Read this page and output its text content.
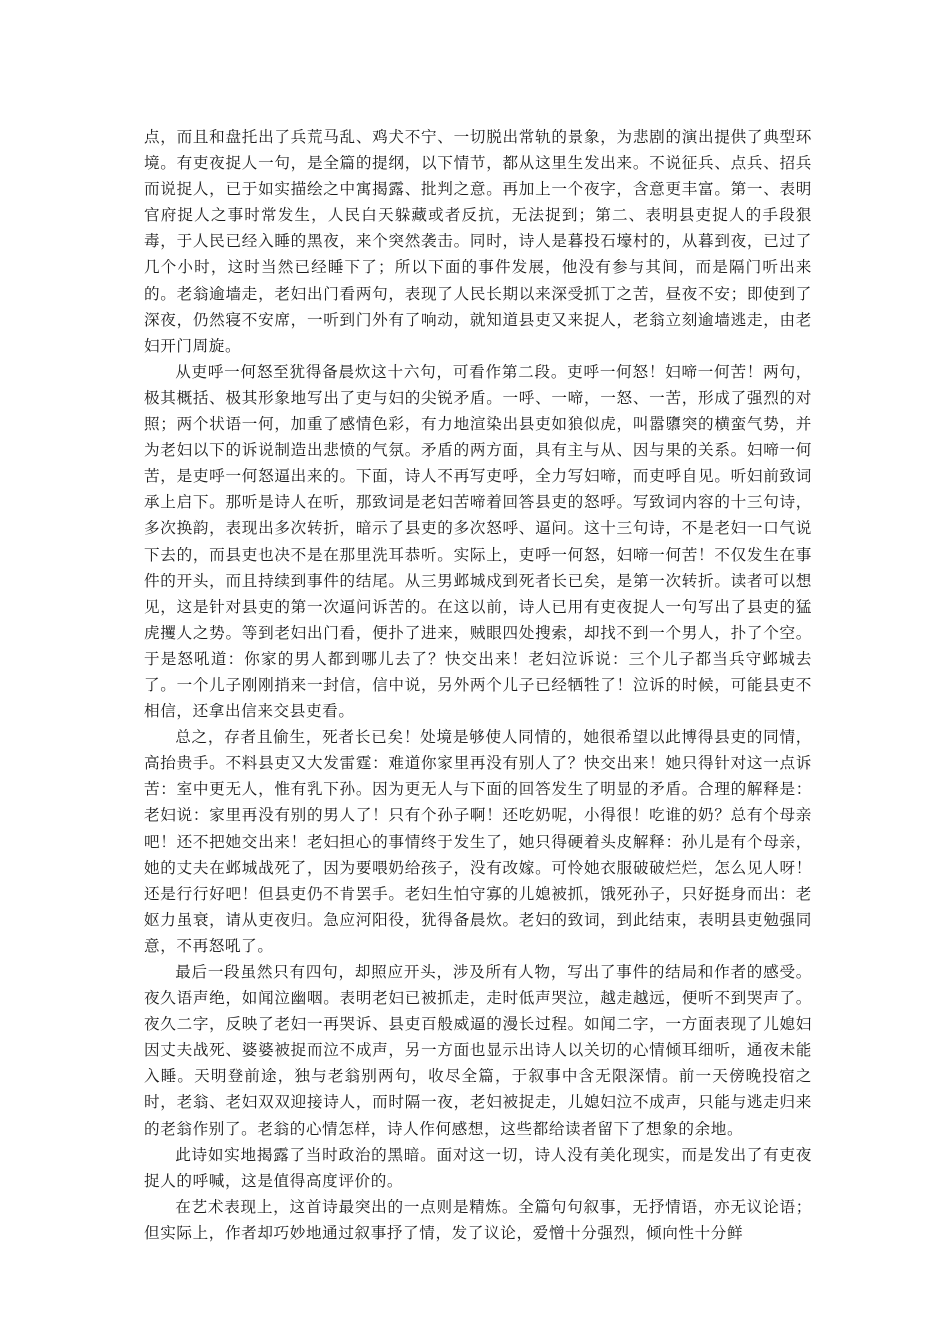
点，而且和盘托出了兵荒马乱、鸡犬不宁、一切脱出常轨的景象，为悲剧的演出提供了典型环境。有吏夜捉人一句，是全篇的提纲，以下情节，都从这里生发出来。不说征兵、点兵、招兵而说捉人，已于如实描绘之中寓揭露、批判之意。再加上一个夜字，含意更丰富。第一、表明官府捉人之事时常发生，人民白天躲藏或者反抗，无法捉到；第二、表明县吏捉人的手段狠毒，于人民已经入睡的黑夜，来个突然袭击。同时，诗人是暮投石壕村的，从暮到夜，已过了几个小时，这时当然已经睡下了；所以下面的事件发展，他没有参与其间，而是隔门听出来的。老翁逾墙走，老妇出门看两句，表现了人民长期以来深受抓丁之苦，昼夜不安；即使到了深夜，仍然寝不安席，一听到门外有了响动，就知道县吏又来捉人，老翁立刻逾墙逃走，由老妇开门周旋。

从吏呼一何怒至犹得备晨炊这十六句，可看作第二段。吏呼一何怒！妇啼一何苦！两句，极其概括、极其形象地写出了吏与妇的尖锐矛盾。一呼、一啼，一怒、一苦，形成了强烈的对照；两个状语一何，加重了感情色彩，有力地渲染出县吏如狼似虎，叫嚣隳突的横蛮气势，并为老妇以下的诉说制造出悲愤的气氛。矛盾的两方面，具有主与从、因与果的关系。妇啼一何苦，是吏呼一何怒逼出来的。下面，诗人不再写吏呼，全力写妇啼，而吏呼自见。听妇前致词承上启下。那听是诗人在听，那致词是老妇苦啼着回答县吏的怒呼。写致词内容的十三句诗，多次换韵，表现出多次转折，暗示了县吏的多次怒呼、逼问。这十三句诗，不是老妇一口气说下去的，而县吏也决不是在那里洗耳恭听。实际上，吏呼一何怒，妇啼一何苦！不仅发生在事件的开头，而且持续到事件的结尾。从三男邺城戍到死者长已矣，是第一次转折。读者可以想见，这是针对县吏的第一次逼问诉苦的。在这以前，诗人已用有吏夜捉人一句写出了县吏的猛虎攫人之势。等到老妇出门看，便扑了进来，贼眼四处搜索，却找不到一个男人，扑了个空。于是怒吼道：你家的男人都到哪儿去了？快交出来！老妇泣诉说：三个儿子都当兵守邺城去了。一个儿子刚刚捎来一封信，信中说，另外两个儿子已经牺牲了！泣诉的时候，可能县吏不相信，还拿出信来交县吏看。

总之，存者且偷生，死者长已矣！处境是够使人同情的，她很希望以此博得县吏的同情，高抬贵手。不料县吏又大发雷霆：难道你家里再没有别人了？快交出来！她只得针对这一点诉苦：室中更无人，惟有乳下孙。因为更无人与下面的回答发生了明显的矛盾。合理的解释是：老妇说：家里再没有别的男人了！只有个孙子啊！还吃奶呢，小得很！吃谁的奶？总有个母亲吧！还不把她交出来！老妇担心的事情终于发生了，她只得硬着头皮解释：孙儿是有个母亲，她的丈夫在邺城战死了，因为要喂奶给孩子，没有改嫁。可怜她衣服破破烂烂，怎么见人呀！还是行行好吧！但县吏仍不肯罢手。老妇生怕守寡的儿媳被抓，饿死孙子，只好挺身而出：老妪力虽衰，请从吏夜归。急应河阳役，犹得备晨炊。老妇的致词，到此结束，表明县吏勉强同意，不再怒吼了。

最后一段虽然只有四句，却照应开头，涉及所有人物，写出了事件的结局和作者的感受。夜久语声绝，如闻泣幽咽。表明老妇已被抓走，走时低声哭泣，越走越远，便听不到哭声了。夜久二字，反映了老妇一再哭诉、县吏百般威逼的漫长过程。如闻二字，一方面表现了儿媳妇因丈夫战死、婆婆被捉而泣不成声，另一方面也显示出诗人以关切的心情倾耳细听，通夜未能入睡。天明登前途，独与老翁别两句，收尽全篇，于叙事中含无限深情。前一天傍晚投宿之时，老翁、老妇双双迎接诗人，而时隔一夜，老妇被捉走，儿媳妇泣不成声，只能与逃走归来的老翁作别了。老翁的心情怎样，诗人作何感想，这些都给读者留下了想象的余地。

此诗如实地揭露了当时政治的黑暗。面对这一切，诗人没有美化现实，而是发出了有吏夜捉人的呼喊，这是值得高度评价的。

在艺术表现上，这首诗最突出的一点则是精炼。全篇句句叙事，无抒情语，亦无议论语；但实际上，作者却巧妙地通过叙事抒了情，发了议论，爱憎十分强烈，倾向性十分鲜
